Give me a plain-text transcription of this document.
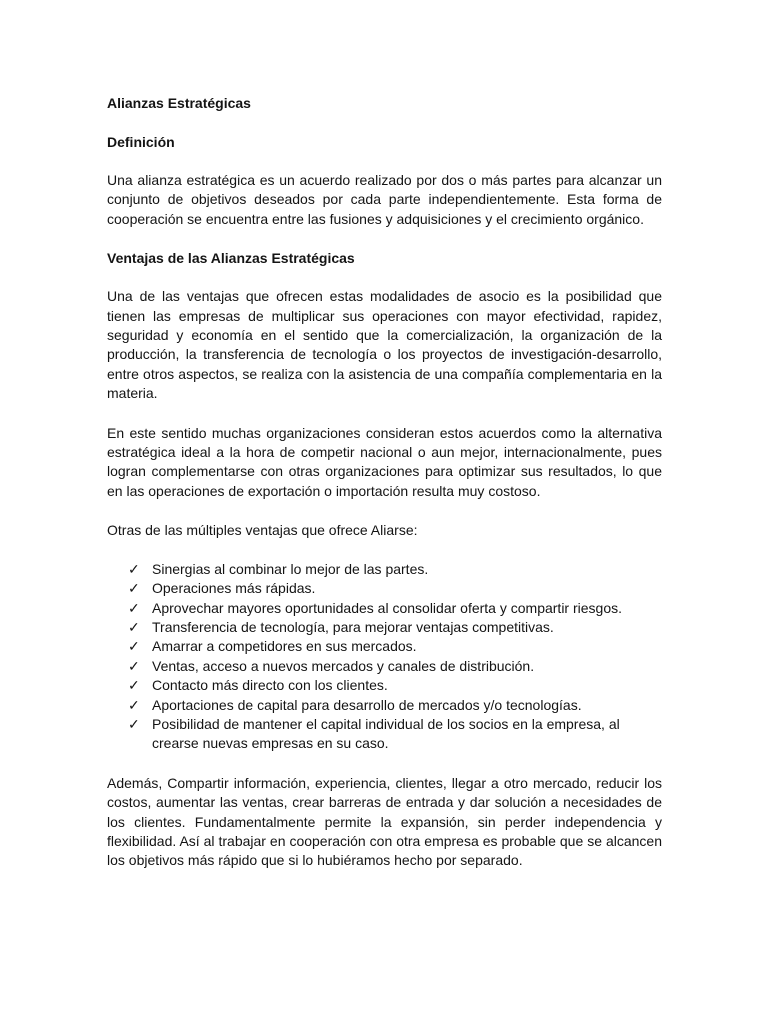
Alianzas Estratégicas
Definición

Una alianza estratégica es un acuerdo realizado por dos o más partes para alcanzar un conjunto de objetivos deseados por cada parte independientemente. Esta forma de cooperación se encuentra entre las fusiones y adquisiciones y el crecimiento orgánico.

Ventajas de las Alianzas Estratégicas

Una de las ventajas que ofrecen estas modalidades de asocio es la posibilidad que tienen las empresas de multiplicar sus operaciones con mayor efectividad, rapidez, seguridad y economía en el sentido que la comercialización, la organización de la producción, la transferencia de tecnología o los proyectos de investigación-desarrollo, entre otros aspectos, se realiza con la asistencia de una compañía complementaria en la materia.

En este sentido muchas organizaciones consideran estos acuerdos como la alternativa estratégica ideal a la hora de competir nacional o aun mejor, internacionalmente, pues logran complementarse con otras organizaciones para optimizar sus resultados, lo que en las operaciones de exportación o importación resulta muy costoso.

Otras de las múltiples ventajas que ofrece Aliarse:

✓ Sinergias al combinar lo mejor de las partes.
✓ Operaciones más rápidas.
✓ Aprovechar mayores oportunidades al consolidar oferta y compartir riesgos.
✓ Transferencia de tecnología, para mejorar ventajas competitivas.
✓ Amarrar a competidores en sus mercados.
✓ Ventas, acceso a nuevos mercados y canales de distribución.
✓ Contacto más directo con los clientes.
✓ Aportaciones de capital para desarrollo de mercados y/o tecnologías.
✓ Posibilidad de mantener el capital individual de los socios en la empresa, al crearse nuevas empresas en su caso.

Además, Compartir información, experiencia, clientes, llegar a otro mercado, reducir los costos, aumentar las ventas, crear barreras de entrada y dar solución a necesidades de los clientes. Fundamentalmente permite la expansión, sin perder independencia y flexibilidad. Así al trabajar en cooperación con otra empresa es probable que se alcancen los objetivos más rápido que si lo hubiéramos hecho por separado.
